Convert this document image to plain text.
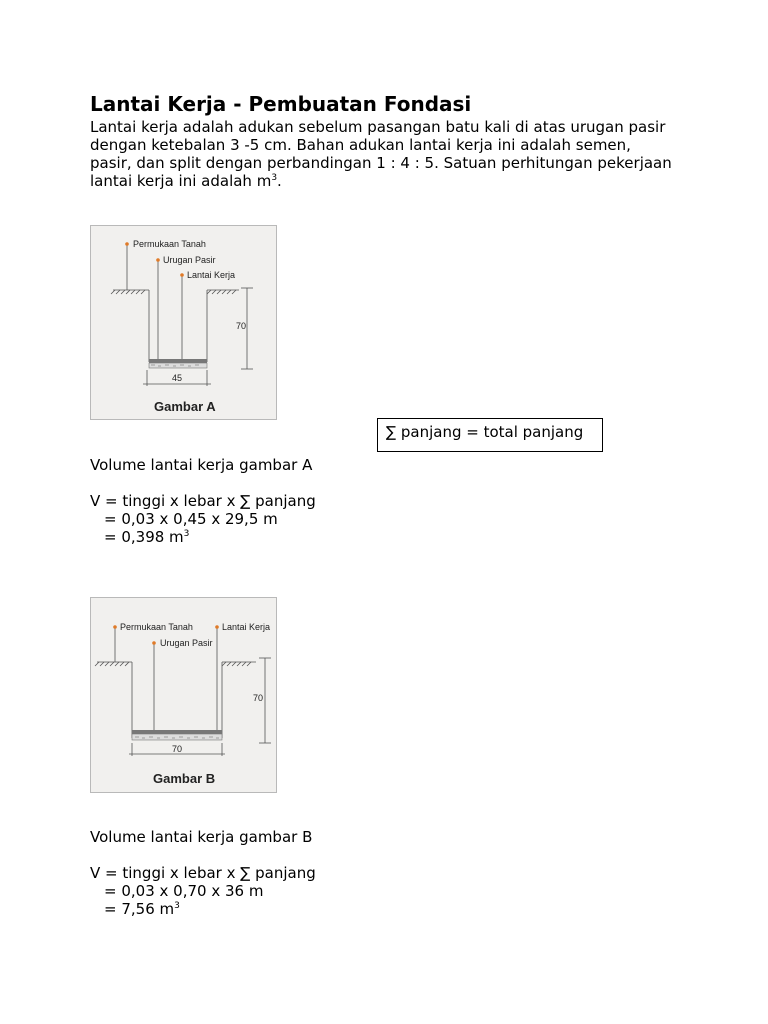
Lantai Kerja - Pembuatan Fondasi
Lantai kerja adalah adukan sebelum pasangan batu kali di atas urugan pasir
dengan ketebalan 3 -5 cm. Bahan adukan lantai kerja ini adalah semen,
pasir, dan split dengan perbandingan 1 : 4 : 5. Satuan perhitungan pekerjaan
lantai kerja ini adalah $m^3$.
Permukaan Tanah
Urugan Pasir
Lantai Kerja
70
45
Gambar A
∑ panjang = total panjang
Volume lantai kerja gambar A
V = tinggi x lebar x ∑ panjang
= 0,03 x 0,45 x 29,5 m
= 0,398 $m^3$
Permukaan Tanah
Urugan Pasir
Lantai Kerja
70
70
Gambar B
Volume lantai kerja gambar B
V = tinggi x lebar x ∑ panjang
= 0,03 x 0,70 x 36 m
= 7,56 $m^3$
